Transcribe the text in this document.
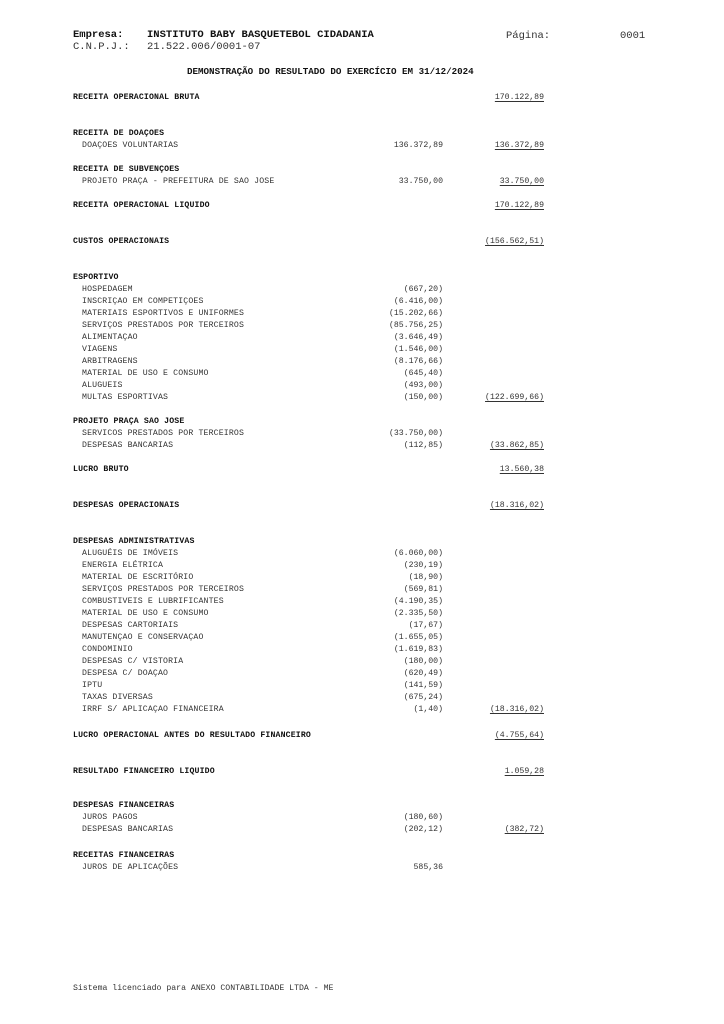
Empresa: INSTITUTO BABY BASQUETEBOL CIDADANIA
C.N.P.J.: 21.522.006/0001-07
Página:	0001
DEMONSTRAÇÃO DO RESULTADO DO EXERCÍCIO EM 31/12/2024
RECEITA OPERACIONAL BRUTA	170.122,89
RECEITA DE DOAÇOES
DOAÇOES VOLUNTARIAS	136.372,89	136.372,89
RECEITA DE SUBVENÇOES
PROJETO PRAÇA - PREFEITURA DE SAO JOSE	33.750,00	33.750,00
RECEITA OPERACIONAL LIQUIDO	170.122,89
CUSTOS OPERACIONAIS	(156.562,51)
ESPORTIVO
HOSPEDAGEM	(667,20)
INSCRIÇAO EM COMPETIÇOES	(6.416,00)
MATERIAIS ESPORTIVOS E UNIFORMES	(15.202,66)
SERVIÇOS PRESTADOS POR TERCEIROS	(85.756,25)
ALIMENTAÇAO	(3.646,49)
VIAGENS	(1.546,00)
ARBITRAGENS	(8.176,66)
MATERIAL DE USO E CONSUMO	(645,40)
ALUGUEIS	(493,00)
MULTAS ESPORTIVAS	(150,00)	(122.699,66)
PROJETO PRAÇA SAO JOSE
SERVICOS PRESTADOS POR TERCEIROS	(33.750,00)
DESPESAS BANCARIAS	(112,85)	(33.862,85)
LUCRO BRUTO	13.560,38
DESPESAS OPERACIONAIS	(18.316,02)
DESPESAS ADMINISTRATIVAS
ALUGUÉIS DE IMÓVEIS	(6.060,00)
ENERGIA ELÉTRICA	(230,19)
MATERIAL DE ESCRITÓRIO	(18,90)
SERVIÇOS PRESTADOS POR TERCEIROS	(569,81)
COMBUSTIVEIS E LUBRIFICANTES	(4.190,35)
MATERIAL DE USO E CONSUMO	(2.335,50)
DESPESAS CARTORIAIS	(17,67)
MANUTENÇAO E CONSERVAÇAO	(1.655,05)
CONDOMINIO	(1.619,83)
DESPESAS C/ VISTORIA	(180,00)
DESPESA C/ DOAÇAO	(620,49)
IPTU	(141,59)
TAXAS DIVERSAS	(675,24)
IRRF S/ APLICAÇAO FINANCEIRA	(1,40)	(18.316,02)
LUCRO OPERACIONAL ANTES DO RESULTADO FINANCEIRO	(4.755,64)
RESULTADO FINANCEIRO LIQUIDO	1.059,28
DESPESAS FINANCEIRAS
JUROS PAGOS	(180,60)
DESPESAS BANCARIAS	(202,12)	(382,72)
RECEITAS FINANCEIRAS
JUROS DE APLICAÇÕES	585,36
Sistema licenciado para ANEXO CONTABILIDADE LTDA - ME
